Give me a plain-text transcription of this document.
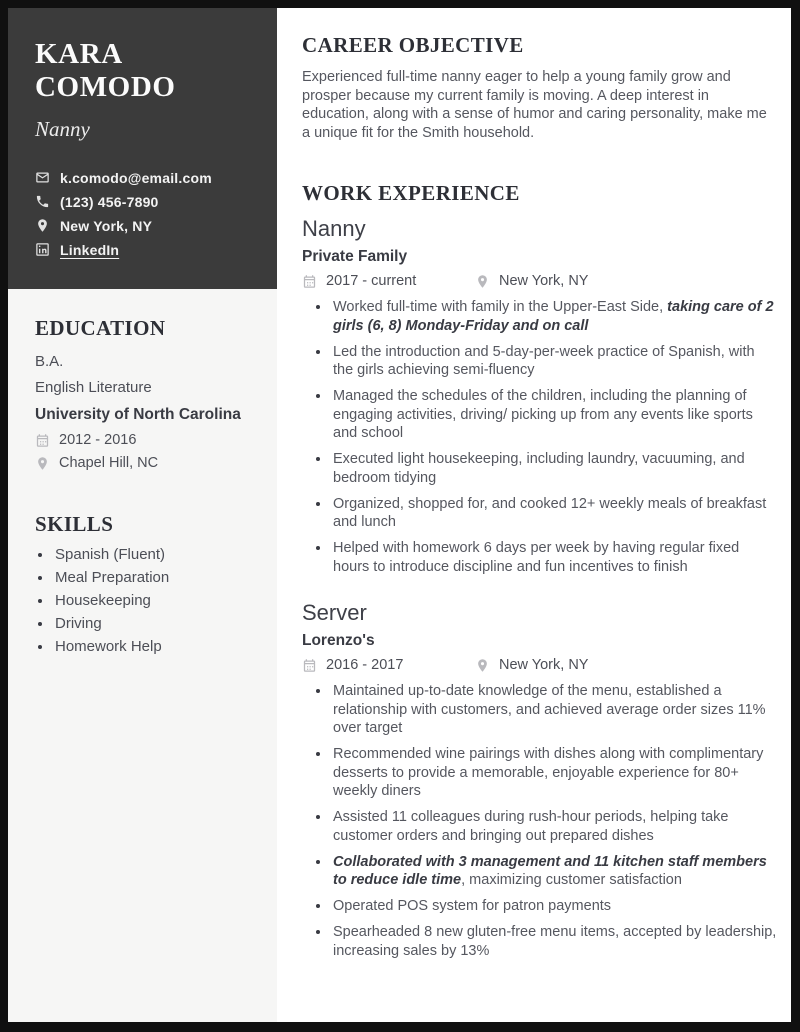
KARA COMODO
Nanny
k.comodo@email.com
(123) 456-7890
New York, NY
LinkedIn
EDUCATION
B.A.
English Literature
University of North Carolina
2012 - 2016
Chapel Hill, NC
SKILLS
• Spanish (Fluent)
• Meal Preparation
• Housekeeping
• Driving
• Homework Help
CAREER OBJECTIVE

Experienced full-time nanny eager to help a young family grow and prosper because my current family is moving. A deep interest in education, along with a sense of humor and caring personality, make me a unique fit for the Smith household.

WORK EXPERIENCE
Nanny
Private Family
2017 - current	New York, NY
• Worked full-time with family in the Upper-East Side, taking care of 2 girls (6, 8) Monday-Friday and on call
• Led the introduction and 5-day-per-week practice of Spanish, with the girls achieving semi-fluency
• Managed the schedules of the children, including the planning of engaging activities, driving/ picking up from any events like sports and school
• Executed light housekeeping, including laundry, vacuuming, and bedroom tidying
• Organized, shopped for, and cooked 12+ weekly meals of breakfast and lunch
• Helped with homework 6 days per week by having regular fixed hours to introduce discipline and fun incentives to finish
Server
Lorenzo's
2016 - 2017	New York, NY
• Maintained up-to-date knowledge of the menu, established a relationship with customers, and achieved average order sizes 11% over target
• Recommended wine pairings with dishes along with complimentary desserts to provide a memorable, enjoyable experience for 80+ weekly diners
• Assisted 11 colleagues during rush-hour periods, helping take customer orders and bringing out prepared dishes
• Collaborated with 3 management and 11 kitchen staff members to reduce idle time, maximizing customer satisfaction
• Operated POS system for patron payments
• Spearheaded 8 new gluten-free menu items, accepted by leadership, increasing sales by 13%
